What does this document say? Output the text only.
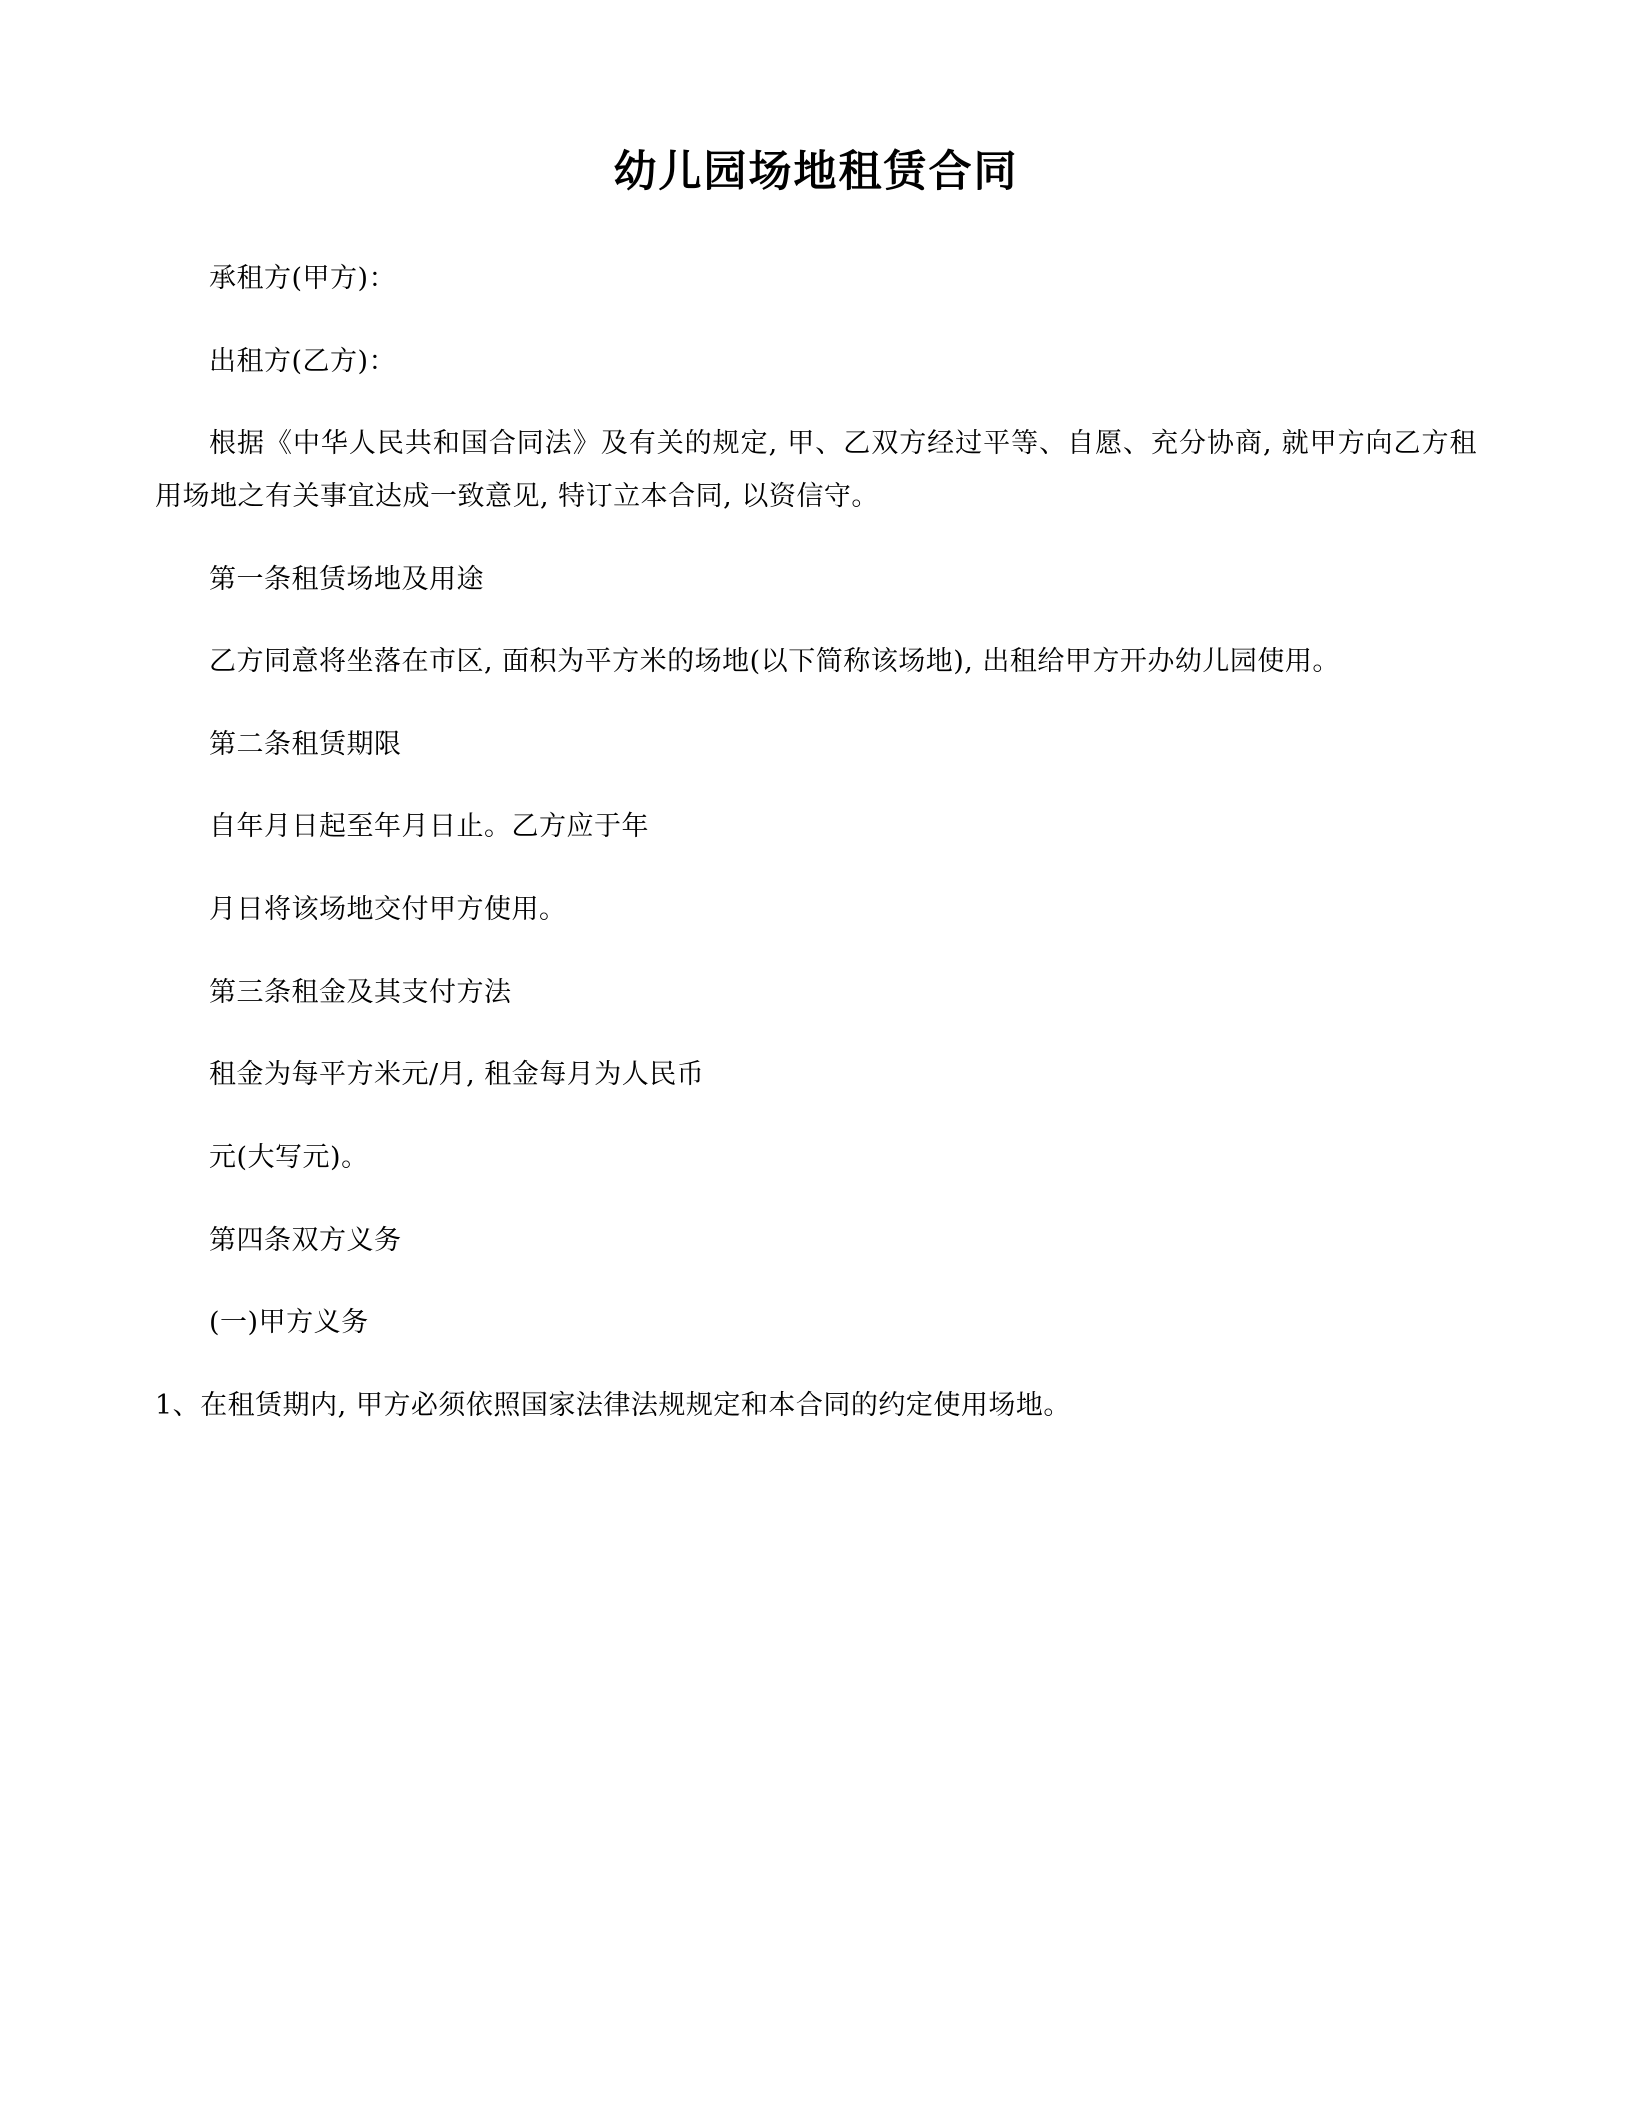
幼儿园场地租赁合同

承租方(甲方)：

出租方(乙方)：

根据《中华人民共和国合同法》及有关的规定, 甲、乙双方经过平等、自愿、充分协商, 就甲方向乙方租用场地之有关事宜达成一致意见, 特订立本合同, 以资信守。

第一条租赁场地及用途

乙方同意将坐落在市区, 面积为平方米的场地(以下简称该场地), 出租给甲方开办幼儿园使用。

第二条租赁期限

自年月日起至年月日止。乙方应于年

月日将该场地交付甲方使用。

第三条租金及其支付方法

租金为每平方米元/月, 租金每月为人民币

元(大写元)。

第四条双方义务

(一)甲方义务

1、在租赁期内, 甲方必须依照国家法律法规规定和本合同的约定使用场地。
